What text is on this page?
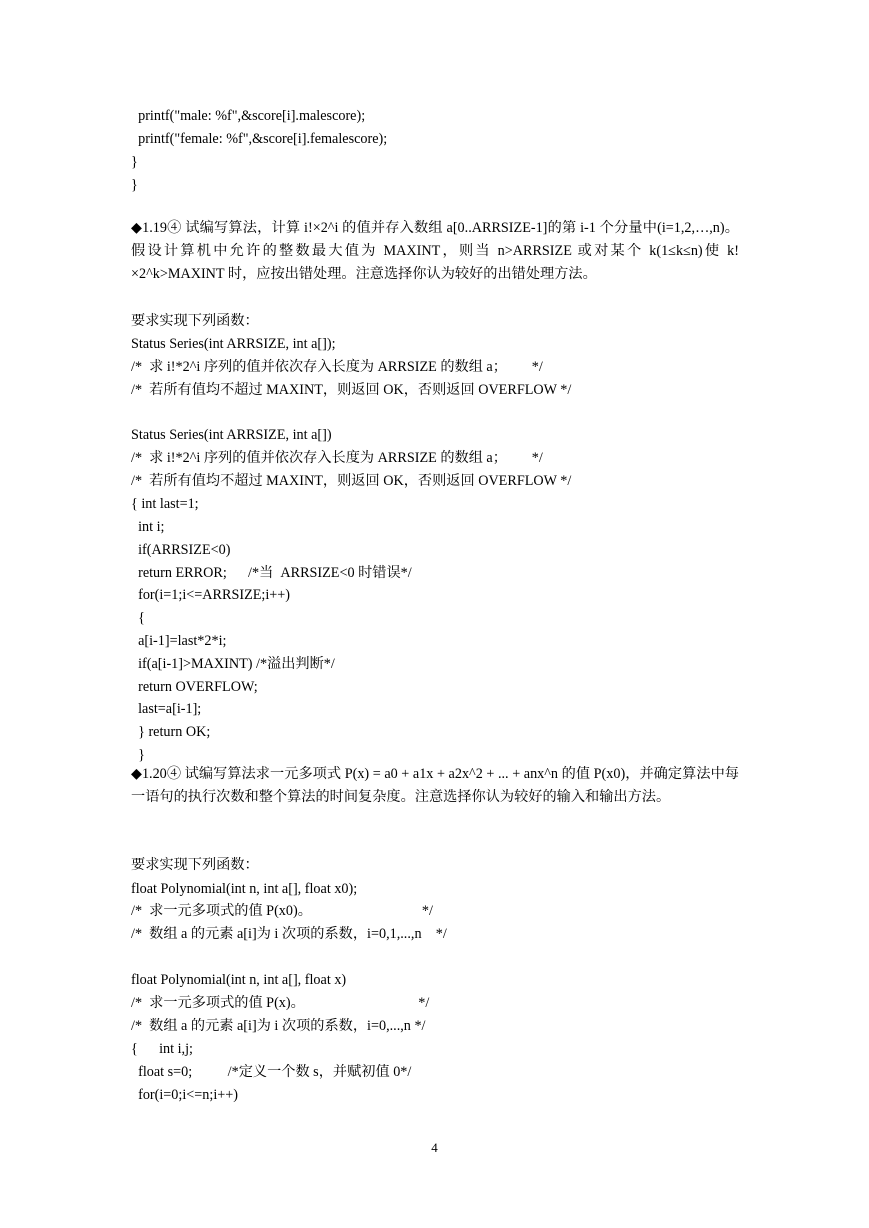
printf("male: %f",&score[i].malescore);
printf("female: %f",&score[i].femalescore);
}
}

◆1.19④ 试编写算法，计算 i!×2^i 的值并存入数组 a[0..ARRSIZE-1]的第 i-1 个分量中(i=1,2,…,n)。假设计算机中允许的整数最大值为 MAXINT，则当 n>ARRSIZE 或对某个 k(1≤k≤n)使 k!×2^k>MAXINT 时，应按出错处理。注意选择你认为较好的出错处理方法。

要求实现下列函数：
Status Series(int ARRSIZE, int a[]);
/*  求 i!*2^i 序列的值并依次存入长度为 ARRSIZE 的数组 a；       */
/*  若所有值均不超过 MAXINT，则返回 OK，否则返回 OVERFLOW */
Status Series(int ARRSIZE, int a[])
/*  求 i!*2^i 序列的值并依次存入长度为 ARRSIZE 的数组 a；       */
/*  若所有值均不超过 MAXINT，则返回 OK，否则返回 OVERFLOW */
{ int last=1;
int i;
if(ARRSIZE<0)
return ERROR;      /*当  ARRSIZE<0 时错误*/
for(i=1;i<=ARRSIZE;i++)
{
a[i-1]=last*2*i;
if(a[i-1]>MAXINT) /*溢出判断*/
return OVERFLOW;
last=a[i-1];
} return OK;
}

◆1.20④ 试编写算法求一元多项式 P(x) = a0 + a1x + a2x^2 + ... + anx^n 的值 P(x0)，并确定算法中每一语句的执行次数和整个算法的时间复杂度。注意选择你认为较好的输入和输出方法。

要求实现下列函数：
float Polynomial(int n, int a[], float x0);
/*  求一元多项式的值 P(x0)。                               */
/*  数组 a 的元素 a[i]为 i 次项的系数，i=0,1,...,n    */
float Polynomial(int n, int a[], float x)
/*  求一元多项式的值 P(x)。                                */
/*  数组 a 的元素 a[i]为 i 次项的系数，i=0,...,n */
{      int i,j;
float s=0;          /*定义一个数 s，并赋初值 0*/
for(i=0;i<=n;i++)
4
